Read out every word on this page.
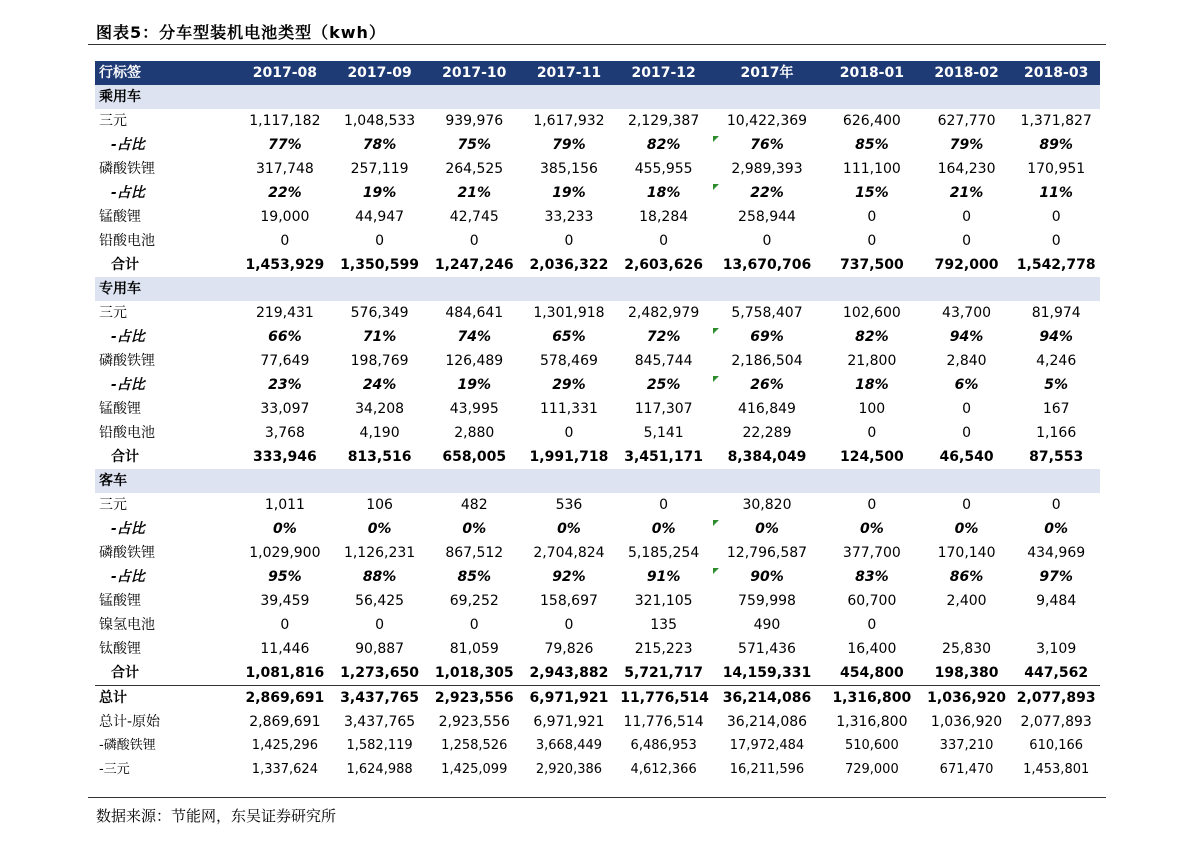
图表5：分车型装机电池类型（kwh）
行标签	2017-08	2017-09	2017-10	2017-11	2017-12	2017年	2018-01	2018-02	2018-03
乘用车									
三元	1,117,182	1,048,533	939,976	1,617,932	2,129,387	10,422,369	626,400	627,770	1,371,827
-占比	77%	78%	75%	79%	82%	76%	85%	79%	89%
磷酸铁锂	317,748	257,119	264,525	385,156	455,955	2,989,393	111,100	164,230	170,951
-占比	22%	19%	21%	19%	18%	22%	15%	21%	11%
锰酸锂	19,000	44,947	42,745	33,233	18,284	258,944	0	0	0
铅酸电池	0	0	0	0	0	0	0	0	0
合计	1,453,929	1,350,599	1,247,246	2,036,322	2,603,626	13,670,706	737,500	792,000	1,542,778
专用车									
三元	219,431	576,349	484,641	1,301,918	2,482,979	5,758,407	102,600	43,700	81,974
-占比	66%	71%	74%	65%	72%	69%	82%	94%	94%
磷酸铁锂	77,649	198,769	126,489	578,469	845,744	2,186,504	21,800	2,840	4,246
-占比	23%	24%	19%	29%	25%	26%	18%	6%	5%
锰酸锂	33,097	34,208	43,995	111,331	117,307	416,849	100	0	167
铅酸电池	3,768	4,190	2,880	0	5,141	22,289	0	0	1,166
合计	333,946	813,516	658,005	1,991,718	3,451,171	8,384,049	124,500	46,540	87,553
客车									
三元	1,011	106	482	536	0	30,820	0	0	0
-占比	0%	0%	0%	0%	0%	0%	0%	0%	0%
磷酸铁锂	1,029,900	1,126,231	867,512	2,704,824	5,185,254	12,796,587	377,700	170,140	434,969
-占比	95%	88%	85%	92%	91%	90%	83%	86%	97%
锰酸锂	39,459	56,425	69,252	158,697	321,105	759,998	60,700	2,400	9,484
镍氢电池	0	0	0	0	135	490	0		
钛酸锂	11,446	90,887	81,059	79,826	215,223	571,436	16,400	25,830	3,109
合计	1,081,816	1,273,650	1,018,305	2,943,882	5,721,717	14,159,331	454,800	198,380	447,562
总计	2,869,691	3,437,765	2,923,556	6,971,921	11,776,514	36,214,086	1,316,800	1,036,920	2,077,893
总计-原始	2,869,691	3,437,765	2,923,556	6,971,921	11,776,514	36,214,086	1,316,800	1,036,920	2,077,893
-磷酸铁锂	1,425,296	1,582,119	1,258,526	3,668,449	6,486,953	17,972,484	510,600	337,210	610,166
-三元	1,337,624	1,624,988	1,425,099	2,920,386	4,612,366	16,211,596	729,000	671,470	1,453,801
数据来源：节能网，东吴证券研究所
